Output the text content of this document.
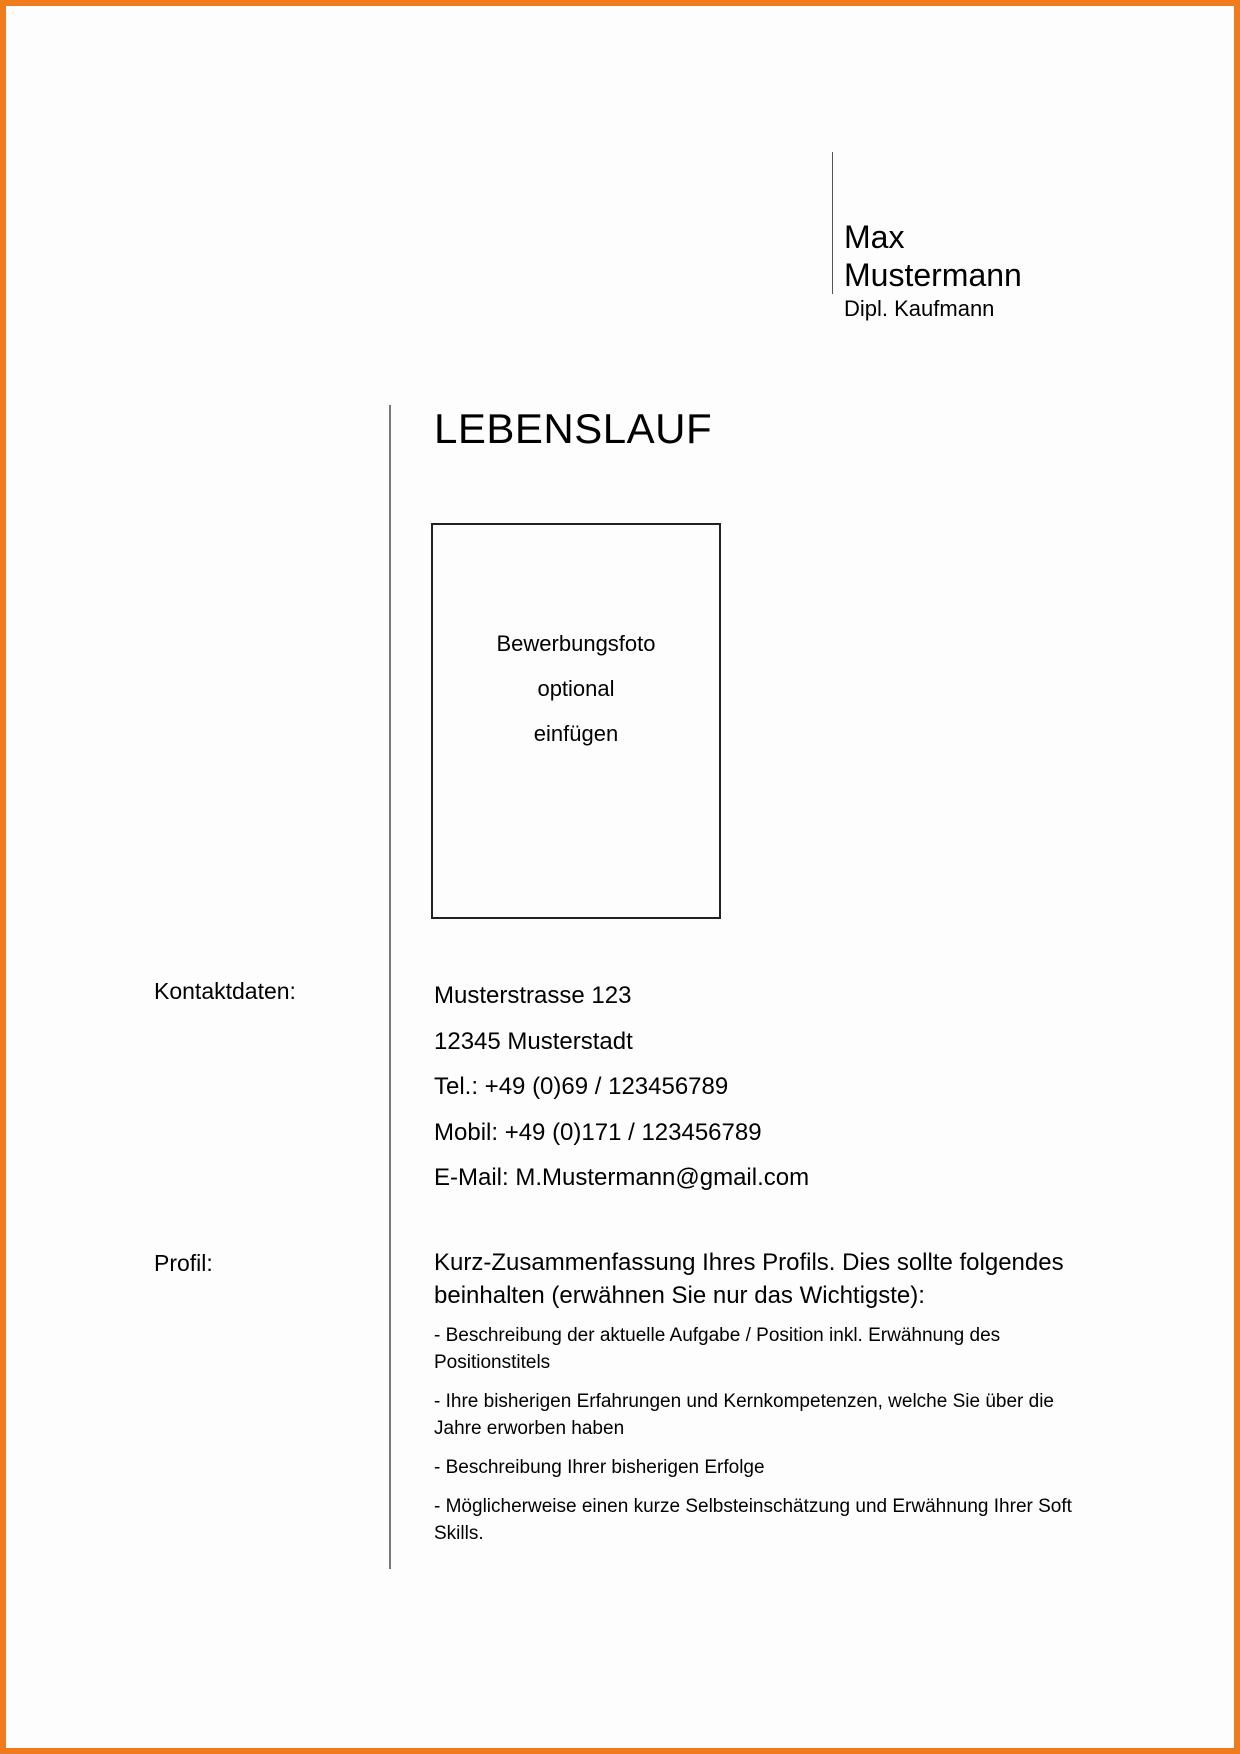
Max
Mustermann
Dipl. Kaufmann
LEBENSLAUF
Bewerbungsfoto
optional
einfügen
Kontaktdaten:	Musterstrasse 123
12345 Musterstadt
Tel.: +49 (0)69 / 123456789
Mobil: +49 (0)171 / 123456789
E-Mail: M.Mustermann@gmail.com
Profil:	Kurz-Zusammenfassung Ihres Profils. Dies sollte folgendes beinhalten (erwähnen Sie nur das Wichtigste):

- Beschreibung der aktuelle Aufgabe / Position inkl. Erwähnung des Positionstitels

- Ihre bisherigen Erfahrungen und Kernkompetenzen, welche Sie über die Jahre erworben haben

- Beschreibung Ihrer bisherigen Erfolge

- Möglicherweise einen kurze Selbsteinschätzung und Erwähnung Ihrer Soft Skills.
